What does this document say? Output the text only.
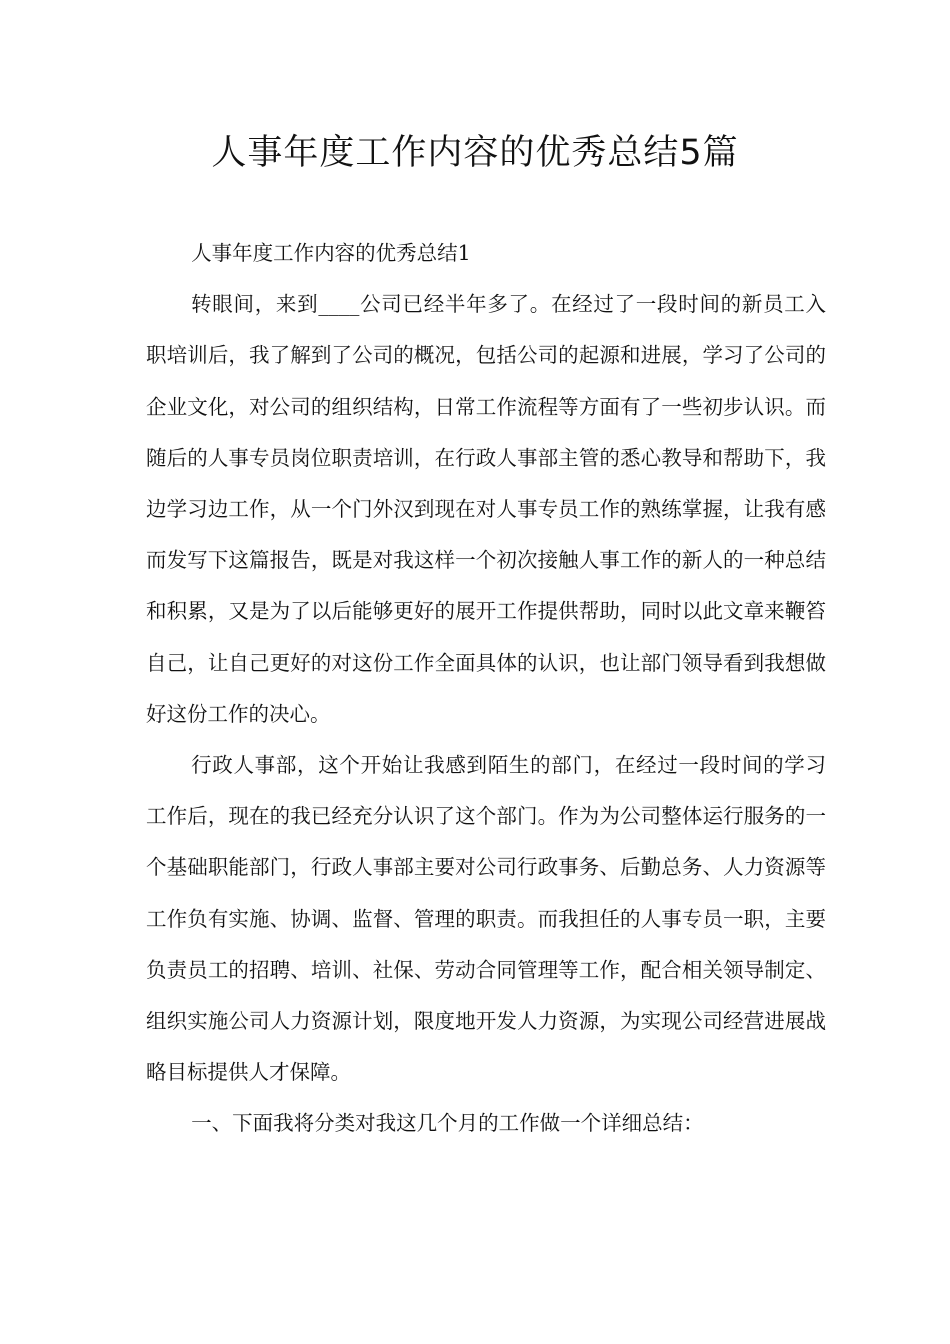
人事年度工作内容的优秀总结5篇

人事年度工作内容的优秀总结1

转眼间，来到____公司已经半年多了。在经过了一段时间的新员工入职培训后，我了解到了公司的概况，包括公司的起源和进展，学习了公司的企业文化，对公司的组织结构，日常工作流程等方面有了一些初步认识。而随后的人事专员岗位职责培训，在行政人事部主管的悉心教导和帮助下，我边学习边工作，从一个门外汉到现在对人事专员工作的熟练掌握，让我有感而发写下这篇报告，既是对我这样一个初次接触人事工作的新人的一种总结和积累，又是为了以后能够更好的展开工作提供帮助，同时以此文章来鞭笞自己，让自己更好的对这份工作全面具体的认识，也让部门领导看到我想做好这份工作的决心。

行政人事部，这个开始让我感到陌生的部门，在经过一段时间的学习工作后，现在的我已经充分认识了这个部门。作为为公司整体运行服务的一个基础职能部门，行政人事部主要对公司行政事务、后勤总务、人力资源等工作负有实施、协调、监督、管理的职责。而我担任的人事专员一职，主要负责员工的招聘、培训、社保、劳动合同管理等工作，配合相关领导制定、组织实施公司人力资源计划，限度地开发人力资源，为实现公司经营进展战略目标提供人才保障。

一、下面我将分类对我这几个月的工作做一个详细总结：
